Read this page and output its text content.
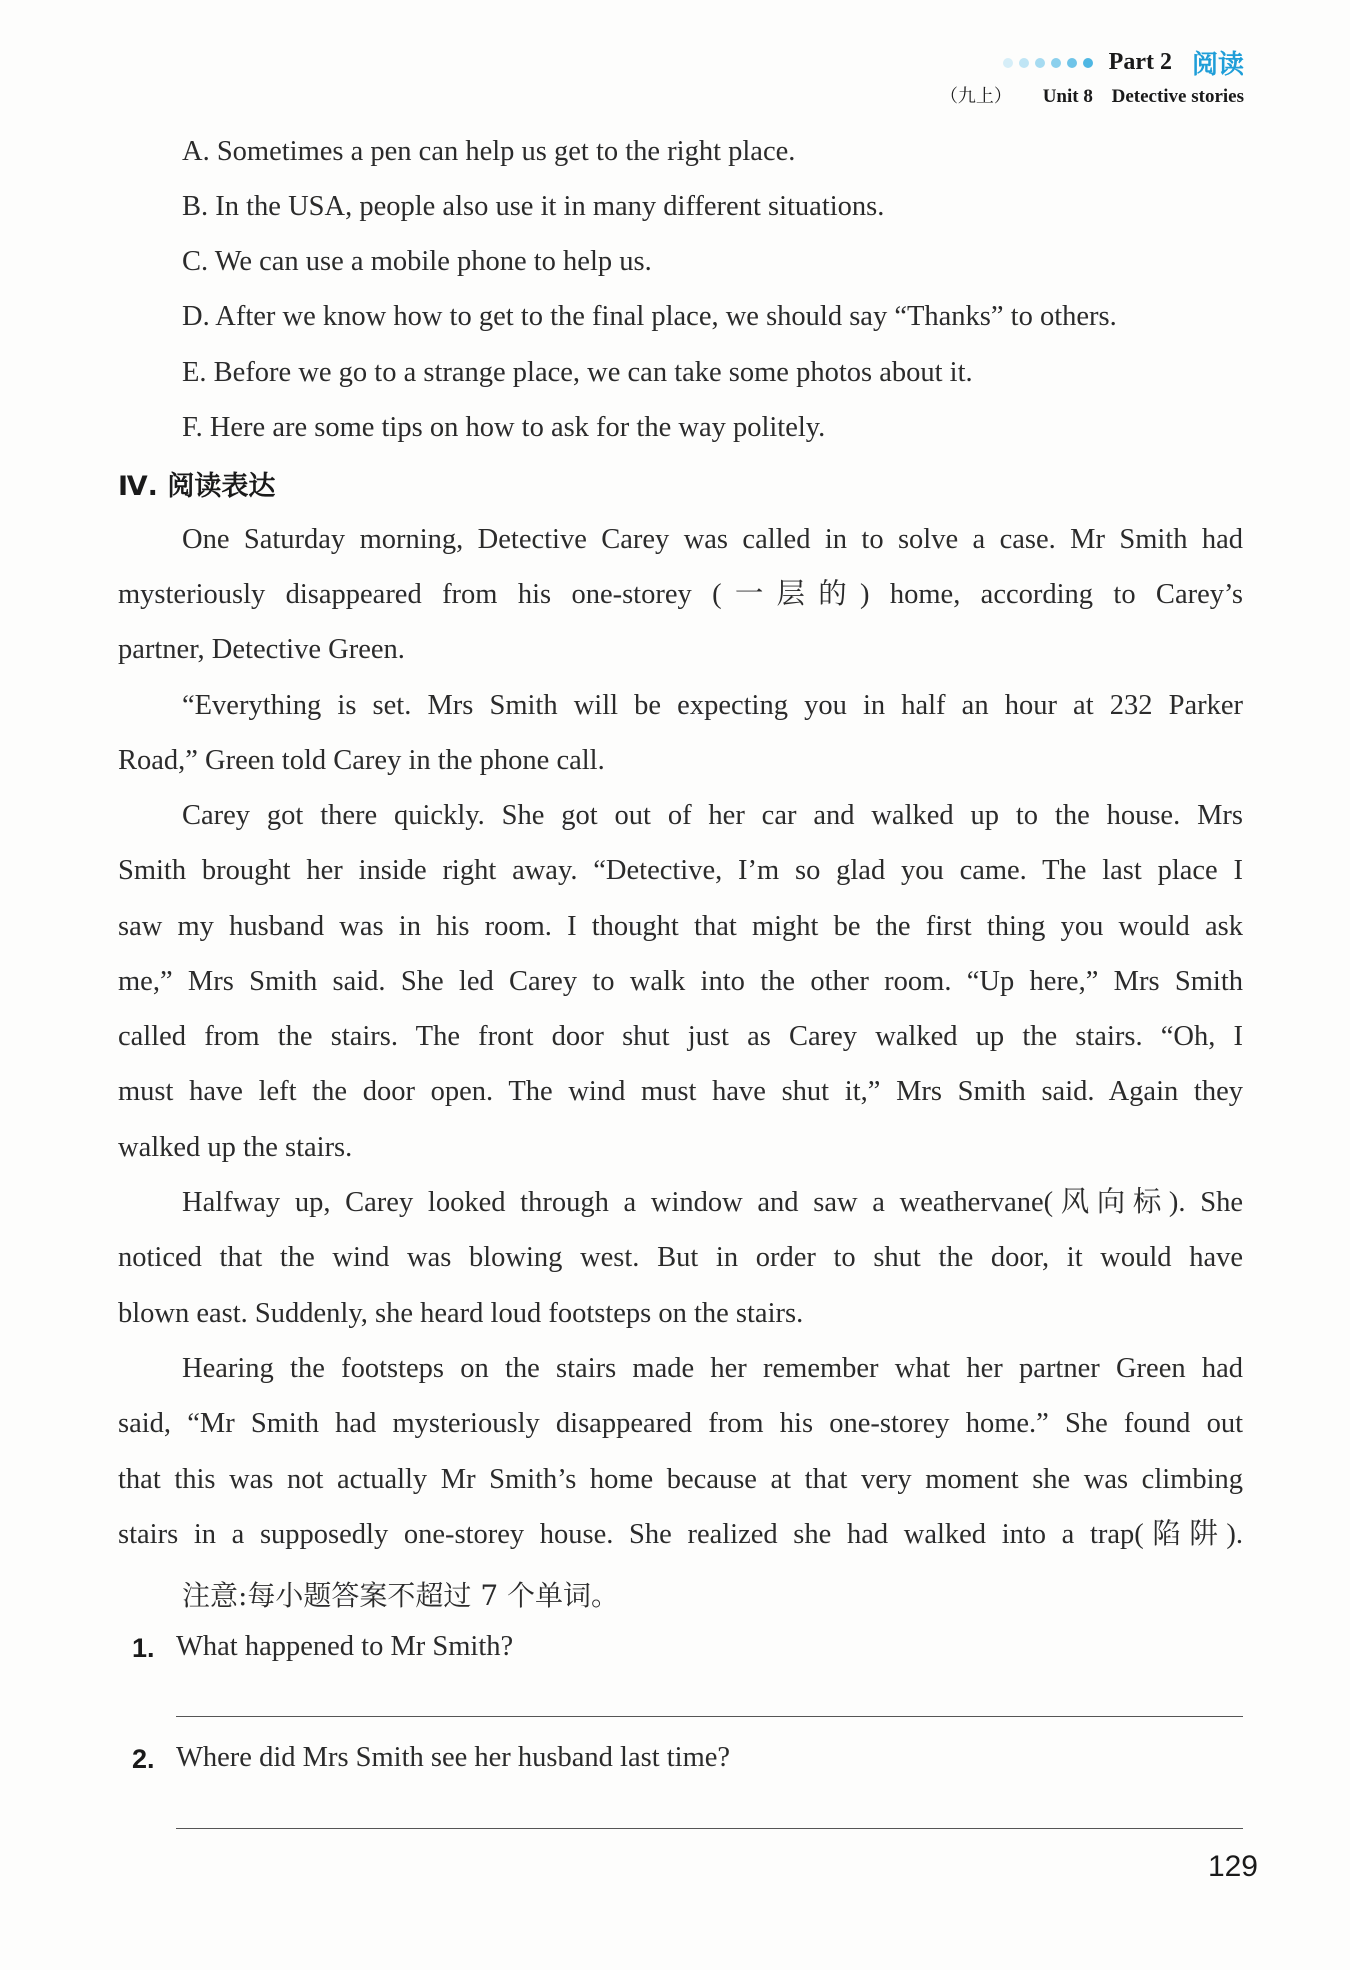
Part 2 阅读
（九上） Unit 8 Detective stories
A. Sometimes a pen can help us get to the right place.
B. In the USA, people also use it in many different situations.
C. We can use a mobile phone to help us.
D. After we know how to get to the final place, we should say “Thanks” to others.
E. Before we go to a strange place, we can take some photos about it.
F. Here are some tips on how to ask for the way politely.
Ⅳ. 阅读表达
One Saturday morning, Detective Carey was called in to solve a case. Mr Smith had
mysteriously disappeared from his one-storey (一层的) home, according to Carey’s
partner, Detective Green.
“Everything is set. Mrs Smith will be expecting you in half an hour at 232 Parker
Road,” Green told Carey in the phone call.
Carey got there quickly. She got out of her car and walked up to the house. Mrs
Smith brought her inside right away. “Detective, I’m so glad you came. The last place I
saw my husband was in his room. I thought that might be the first thing you would ask
me,” Mrs Smith said. She led Carey to walk into the other room. “Up here,” Mrs Smith
called from the stairs. The front door shut just as Carey walked up the stairs. “Oh, I
must have left the door open. The wind must have shut it,” Mrs Smith said. Again they
walked up the stairs.
Halfway up, Carey looked through a window and saw a weathervane(风向标). She
noticed that the wind was blowing west. But in order to shut the door, it would have
blown east. Suddenly, she heard loud footsteps on the stairs.
Hearing the footsteps on the stairs made her remember what her partner Green had
said, “Mr Smith had mysteriously disappeared from his one-storey home.” She found out
that this was not actually Mr Smith’s home because at that very moment she was climbing
stairs in a supposedly one-storey house. She realized she had walked into a trap(陷阱).
注意:每小题答案不超过 7 个单词。
1. What happened to Mr Smith?
2. Where did Mrs Smith see her husband last time?
129
